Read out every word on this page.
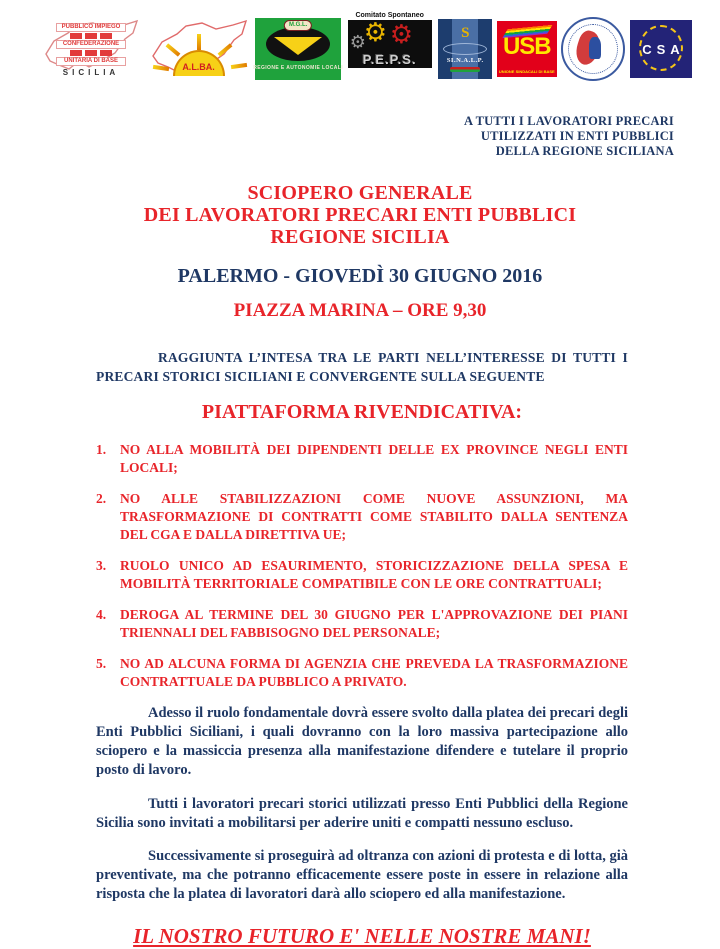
PUBBLICO IMPIEGO
CONFEDERAZIONE
UNITARIA DI BASE
SICILIA
A.L.BA.
M.G.L.
REGIONE E AUTONOMIE LOCALI
Comitato Spontaneo
⚙
⚙ ⚙
P.E.P.S.
S
SI.N.A.L.P.
USB
UNIONE SINDACALI DI BASE
CSA
A TUTTI I LAVORATORI PRECARI
UTILIZZATI IN ENTI PUBBLICI
DELLA REGIONE SICILIANA
SCIOPERO GENERALE
DEI LAVORATORI PRECARI ENTI PUBBLICI
REGIONE SICILIA
PALERMO - GIOVEDÌ 30 GIUGNO 2016
PIAZZA MARINA – ORE 9,30

RAGGIUNTA L’INTESA TRA LE PARTI NELL’INTERESSE DI TUTTI I PRECARI STORICI SICILIANI E CONVERGENTE SULLA SEGUENTE

PIATTAFORMA RIVENDICATIVA:
1.	NO ALLA MOBILITÀ DEI DIPENDENTI DELLE EX PROVINCE NEGLI ENTI LOCALI;
2.	NO ALLE STABILIZZAZIONI COME NUOVE ASSUNZIONI, MA TRASFORMAZIONE DI CONTRATTI COME STABILITO DALLA SENTENZA DEL CGA E DALLA DIRETTIVA UE;
3.	RUOLO UNICO AD ESAURIMENTO, STORICIZZAZIONE DELLA SPESA E MOBILITÀ TERRITORIALE COMPATIBILE CON LE ORE CONTRATTUALI;
4.	DEROGA AL TERMINE DEL 30 GIUGNO PER L'APPROVAZIONE DEI PIANI TRIENNALI DEL FABBISOGNO DEL PERSONALE;
5.	NO AD ALCUNA FORMA DI AGENZIA CHE PREVEDA LA TRASFORMAZIONE CONTRATTUALE DA PUBBLICO A PRIVATO.

Adesso il ruolo fondamentale dovrà essere svolto dalla platea dei precari degli Enti Pubblici Siciliani, i quali dovranno con la loro massiva partecipazione allo sciopero e la massiccia presenza alla manifestazione difendere e tutelare il proprio posto di lavoro.

Tutti i lavoratori precari storici utilizzati presso Enti Pubblici della Regione Sicilia sono invitati a mobilitarsi per aderire uniti e compatti nessuno escluso.

Successivamente si proseguirà ad oltranza con azioni di protesta e di lotta, già preventivate, ma che potranno efficacemente essere poste in essere in relazione alla risposta che la platea di lavoratori darà allo sciopero ed alla manifestazione.

IL NOSTRO FUTURO E' NELLE NOSTRE MANI!
